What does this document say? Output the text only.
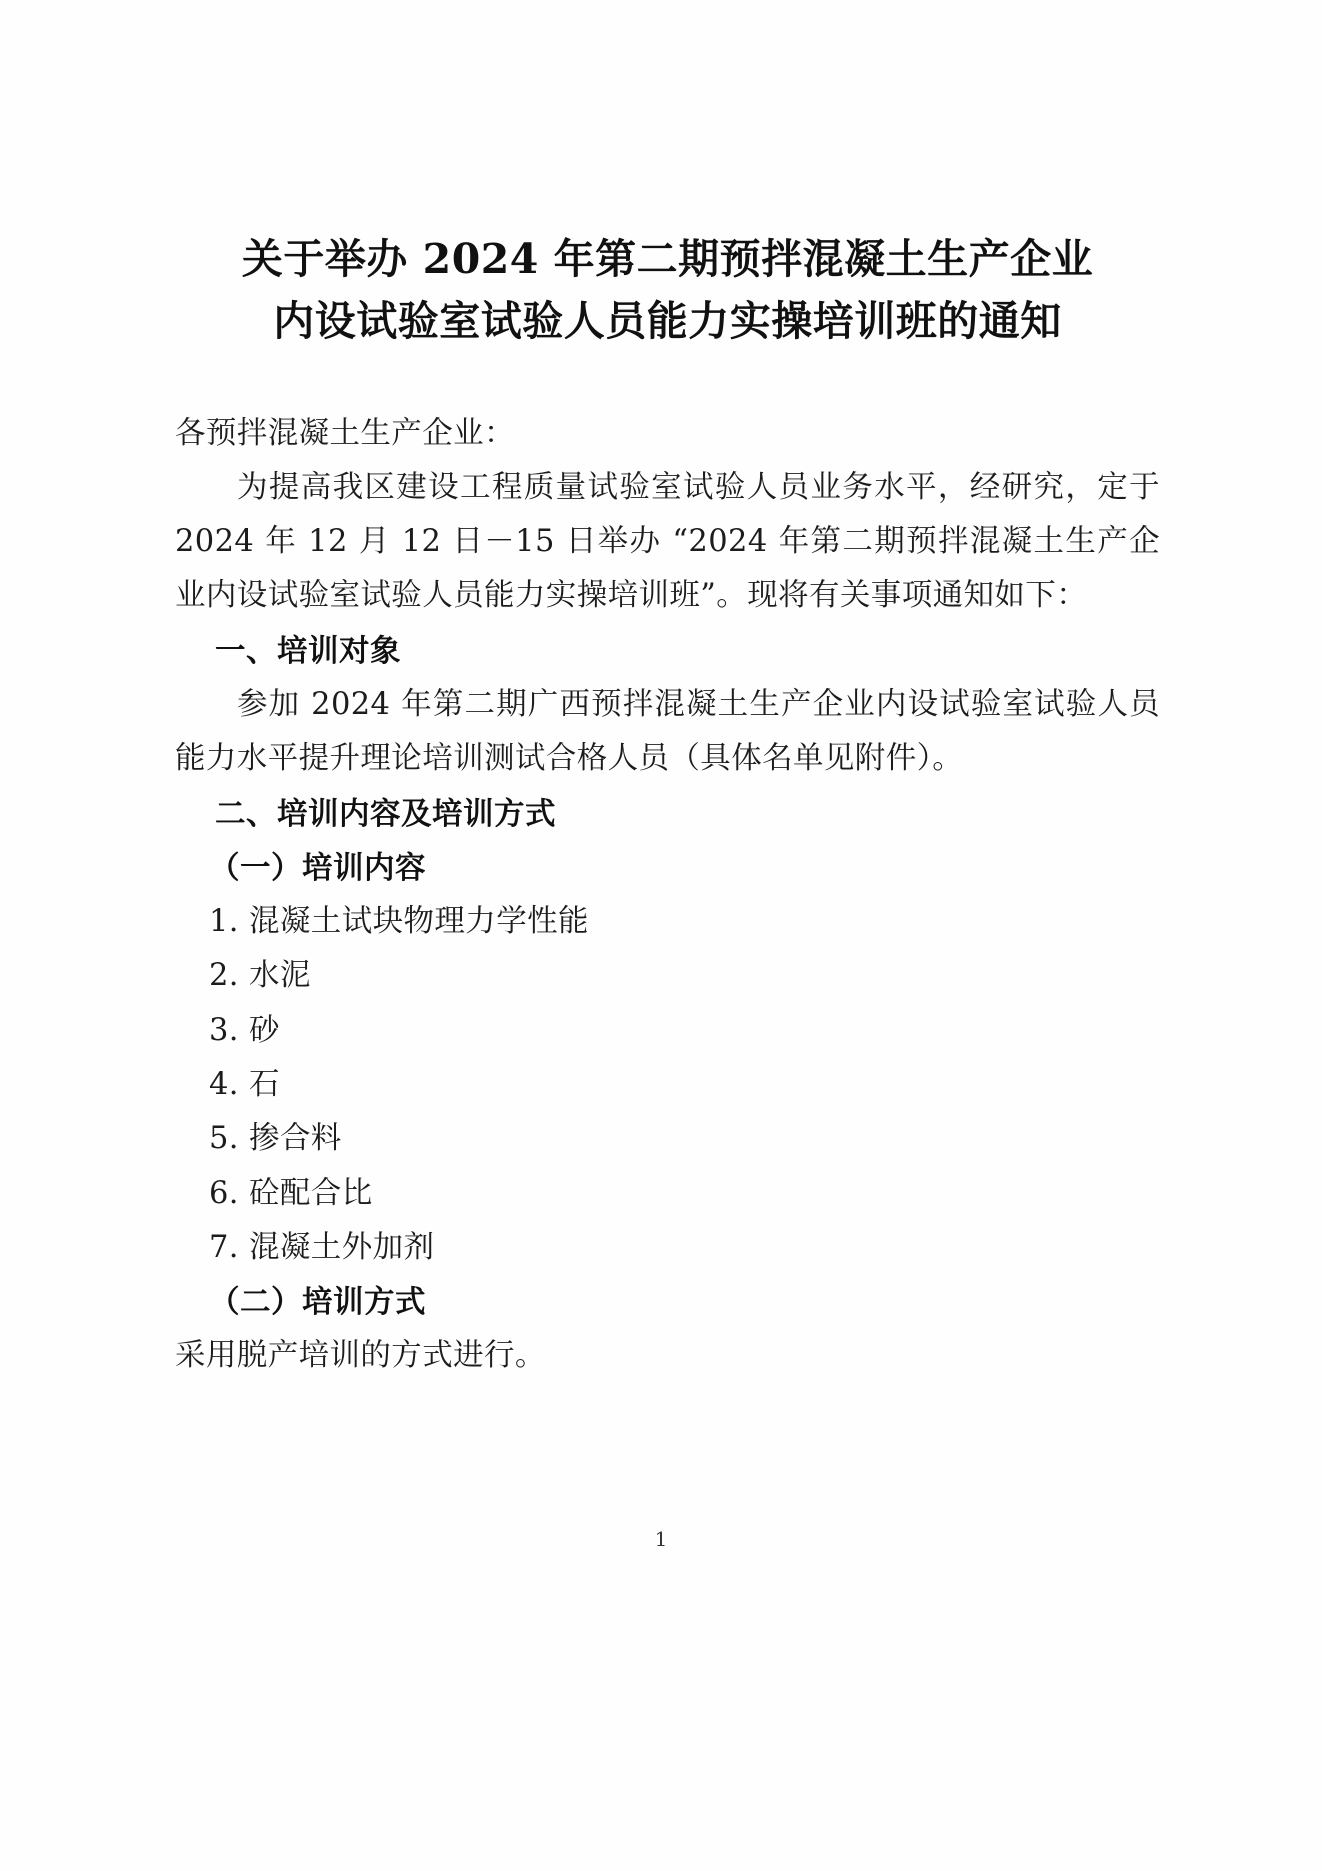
关于举办 2024 年第二期预拌混凝土生产企业
内设试验室试验人员能力实操培训班的通知

各预拌混凝土生产企业：

为提高我区建设工程质量试验室试验人员业务水平，经研究，定于 2024 年 12 月 12 日－15 日举办 “2024 年第二期预拌混凝土生产企业内设试验室试验人员能力实操培训班”。现将有关事项通知如下：

一、培训对象

参加 2024 年第二期广西预拌混凝土生产企业内设试验室试验人员能力水平提升理论培训测试合格人员（具体名单见附件）。

二、培训内容及培训方式

（一）培训内容

1. 混凝土试块物理力学性能

2. 水泥

3. 砂

4. 石

5. 掺合料

6. 砼配合比

7. 混凝土外加剂

（二）培训方式

采用脱产培训的方式进行。

1
